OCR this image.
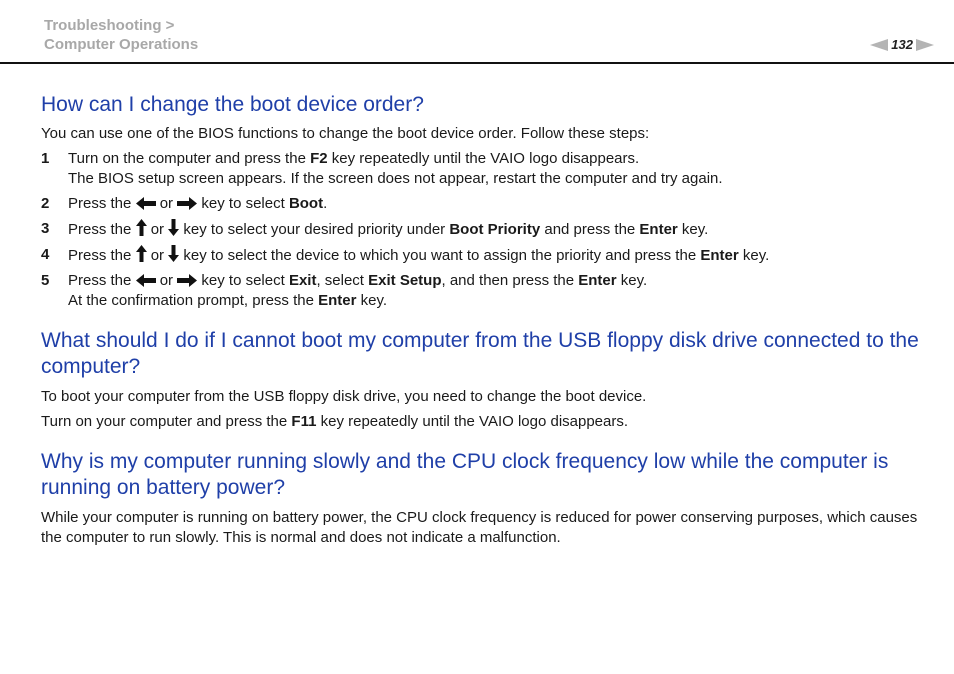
Troubleshooting >
Computer Operations	132
How can I change the boot device order?

You can use one of the BIOS functions to change the boot device order. Follow these steps:

1	Turn on the computer and press the F2 key repeatedly until the VAIO logo disappears.
The BIOS setup screen appears. If the screen does not appear, restart the computer and try again.
2	Press the  or  key to select Boot.
3	Press the  or  key to select your desired priority under Boot Priority and press the Enter key.
4	Press the  or  key to select the device to which you want to assign the priority and press the Enter key.
5	Press the  or  key to select Exit, select Exit Setup, and then press the Enter key.
At the confirmation prompt, press the Enter key.
What should I do if I cannot boot my computer from the USB floppy disk drive connected to the computer?

To boot your computer from the USB floppy disk drive, you need to change the boot device.

Turn on your computer and press the F11 key repeatedly until the VAIO logo disappears.

Why is my computer running slowly and the CPU clock frequency low while the computer is running on battery power?

While your computer is running on battery power, the CPU clock frequency is reduced for power conserving purposes, which causes the computer to run slowly. This is normal and does not indicate a malfunction.
